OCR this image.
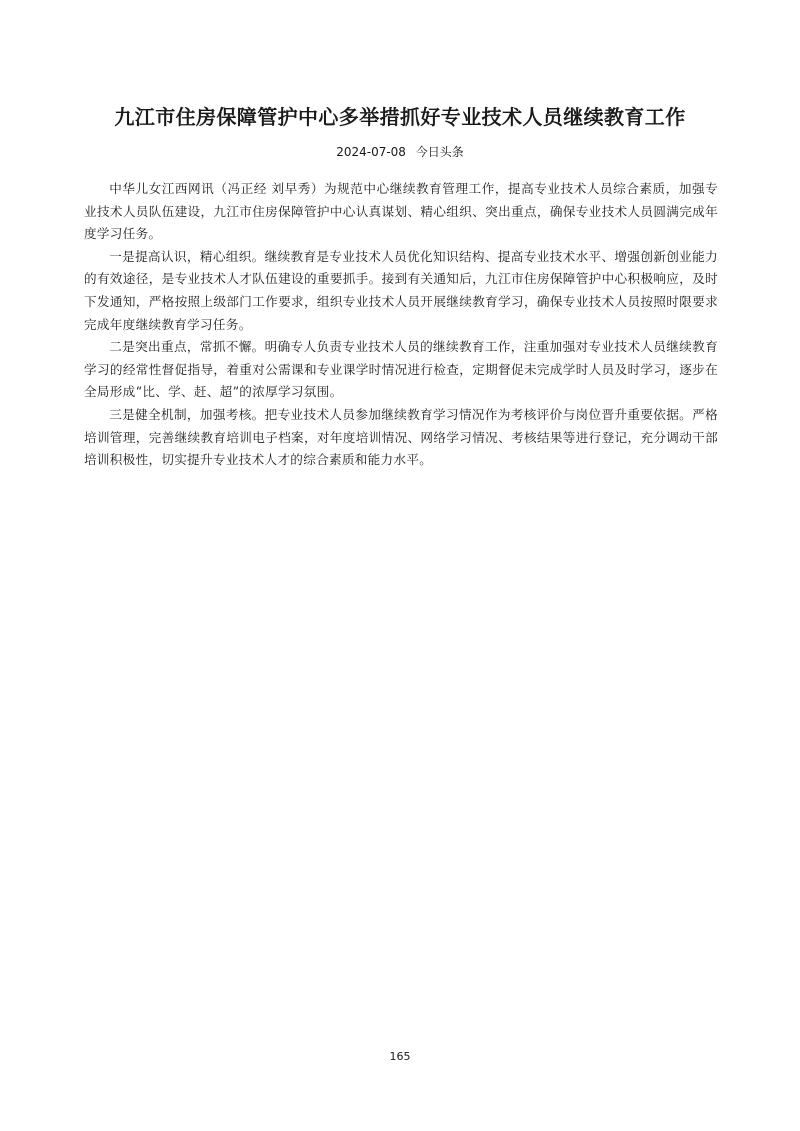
九江市住房保障管护中心多举措抓好专业技术人员继续教育工作
2024-07-08 今日头条

中华儿女江西网讯（冯正经 刘早秀）为规范中心继续教育管理工作，提高专业技术人员综合素质，加强专业技术人员队伍建设，九江市住房保障管护中心认真谋划、精心组织、突出重点，确保专业技术人员圆满完成年度学习任务。

一是提高认识，精心组织。继续教育是专业技术人员优化知识结构、提高专业技术水平、增强创新创业能力的有效途径，是专业技术人才队伍建设的重要抓手。接到有关通知后，九江市住房保障管护中心积极响应，及时下发通知，严格按照上级部门工作要求，组织专业技术人员开展继续教育学习，确保专业技术人员按照时限要求完成年度继续教育学习任务。

二是突出重点，常抓不懈。明确专人负责专业技术人员的继续教育工作，注重加强对专业技术人员继续教育学习的经常性督促指导，着重对公需课和专业课学时情况进行检查，定期督促未完成学时人员及时学习，逐步在全局形成“比、学、赶、超”的浓厚学习氛围。

三是健全机制，加强考核。把专业技术人员参加继续教育学习情况作为考核评价与岗位晋升重要依据。严格培训管理，完善继续教育培训电子档案，对年度培训情况、网络学习情况、考核结果等进行登记，充分调动干部培训积极性，切实提升专业技术人才的综合素质和能力水平。

165
